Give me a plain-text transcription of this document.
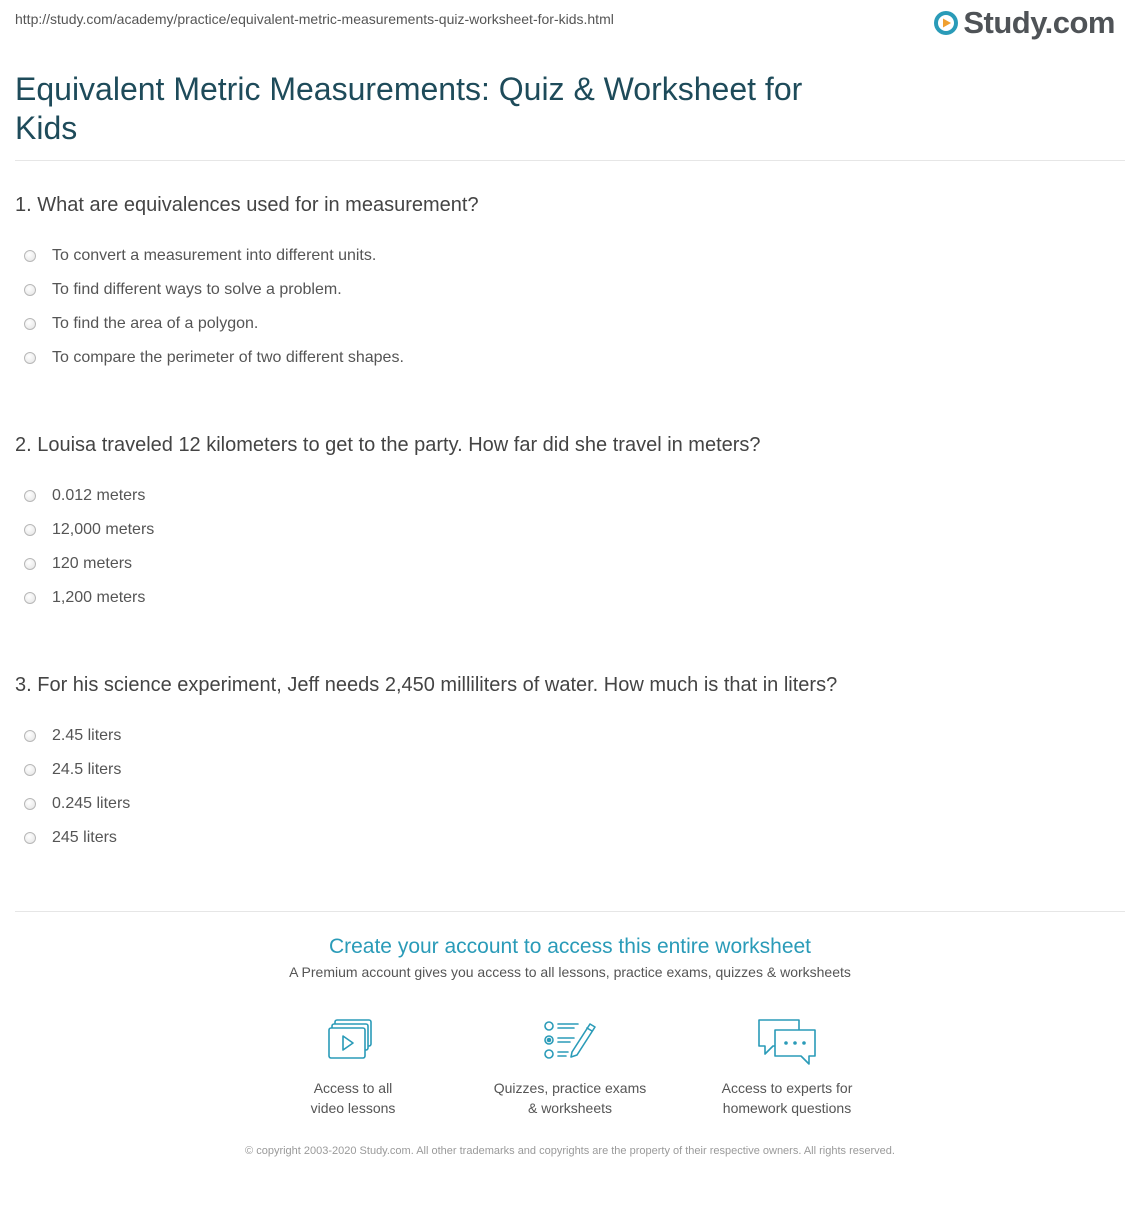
http://study.com/academy/practice/equivalent-metric-measurements-quiz-worksheet-for-kids.html	Study.com
Equivalent Metric Measurements: Quiz & Worksheet for Kids
1. What are equivalences used for in measurement?
To convert a measurement into different units.
To find different ways to solve a problem.
To find the area of a polygon.
To compare the perimeter of two different shapes.
2. Louisa traveled 12 kilometers to get to the party. How far did she travel in meters?
0.012 meters
12,000 meters
120 meters
1,200 meters
3. For his science experiment, Jeff needs 2,450 milliliters of water. How much is that in liters?
2.45 liters
24.5 liters
0.245 liters
245 liters
Create your account to access this entire worksheet
A Premium account gives you access to all lessons, practice exams, quizzes & worksheets
Access to all
video lessons
Quizzes, practice exams
& worksheets
Access to experts for
homework questions
© copyright 2003-2020 Study.com. All other trademarks and copyrights are the property of their respective owners. All rights reserved.
